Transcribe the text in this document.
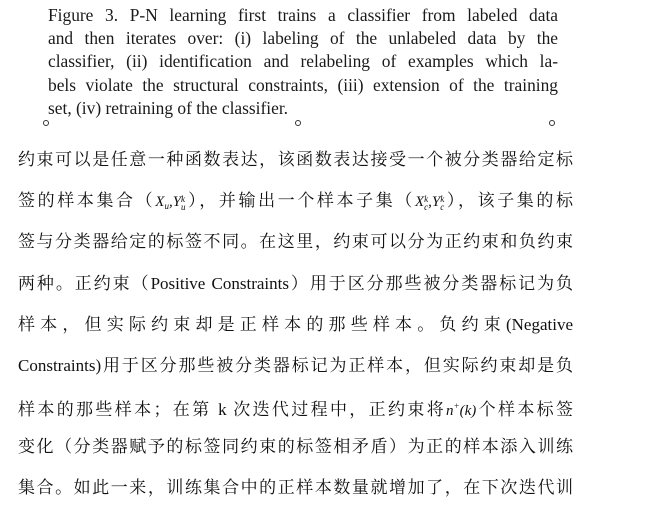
Figure 3. P-N learning first trains a classifier from labeled data
and then iterates over: (i) labeling of the unlabeled data by the
classifier, (ii) identification and relabeling of examples which la-
bels violate the structural constraints, (iii) extension of the training
set, (iv) retraining of the classifier.
约束可以是任意一种函数表达，该函数表达接受一个被分类器给定标
签的样本集合（$X_u,Y$ k
u ），并输出一个样本子集（X k
c ,Y k
c ），该子集的标
签与分类器给定的标签不同。在这里，约束可以分为正约束和负约束
两种。正约束（Positive Constraints）用于区分那些被分类器标记为负
样本，但实际约束却是正样本的那些样本。负约束(Negative
Constraints)用于区分那些被分类器标记为正样本，但实际约束却是负
样本的那些样本；在第 k 次迭代过程中，正约束将n+(k)个样本标签
变化（分类器赋予的标签同约束的标签相矛盾）为正的样本添入训练
集合。如此一来，训练集合中的正样本数量就增加了，在下次迭代训
